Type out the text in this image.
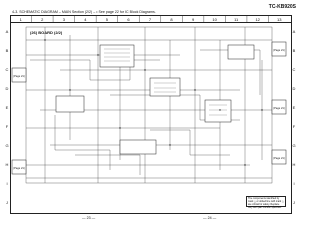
TC-KB920S
4-3. SCHEMATIC DIAGRAM – MAIN Section (2/2) – • See page 22 for IC Block Diagrams.
1	2	3	4	5	6	7	8	9	10	11	12	13
A	A
B	B
C	C
D	D
E	E
F	F
G	G
H	H
I	I
J	J
(26) BOARD (2/2)
(Page 21)
(Page 21)
(Page 21)
(Page 21)
(Page 21)
The components identified by mark △ or dotted line with mark △ are critical for safety. Replace only with part number specified.
— 23 —	— 24 —
